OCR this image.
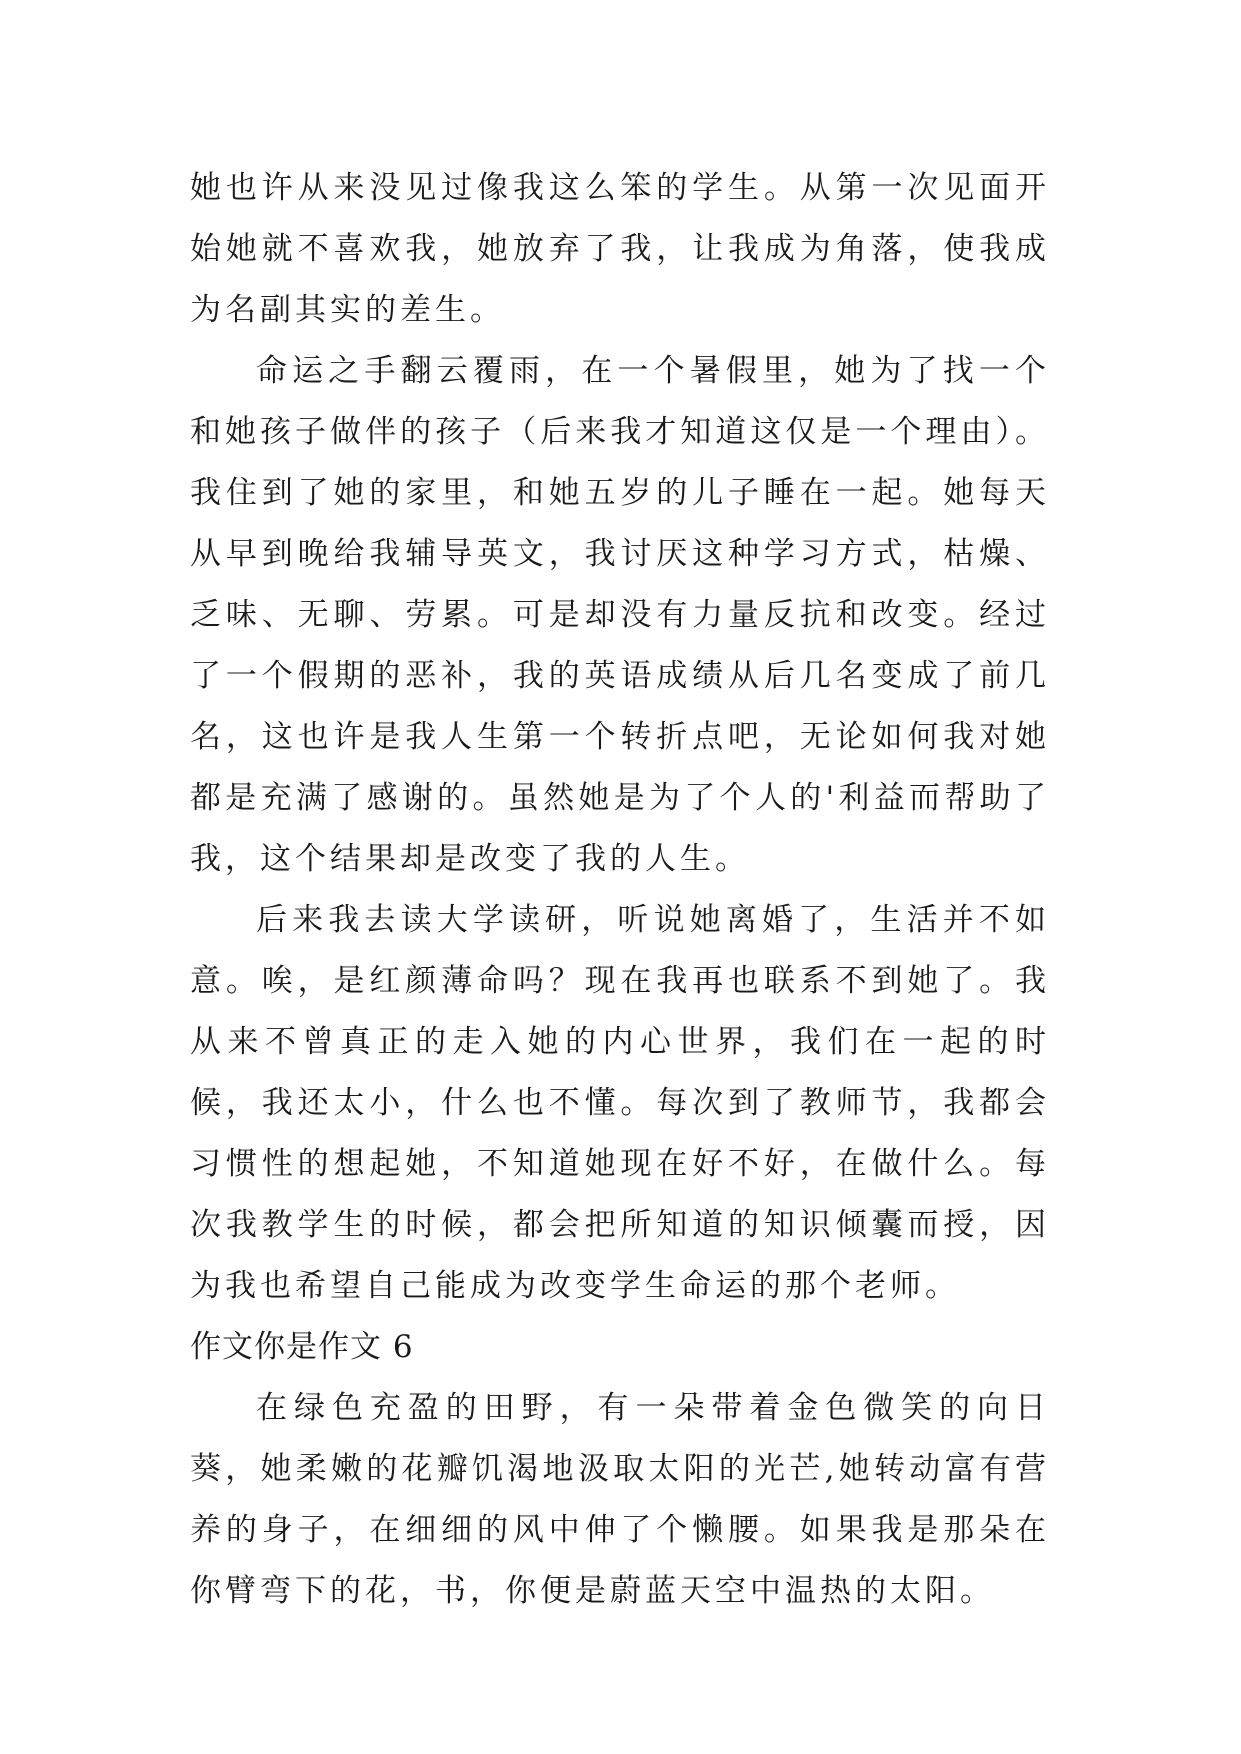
她也许从来没见过像我这么笨的学生。从第一次见面开始她就不喜欢我，她放弃了我，让我成为角落，使我成为名副其实的差生。

命运之手翻云覆雨，在一个暑假里，她为了找一个和她孩子做伴的孩子（后来我才知道这仅是一个理由）。我住到了她的家里，和她五岁的儿子睡在一起。她每天从早到晚给我辅导英文，我讨厌这种学习方式，枯燥、乏味、无聊、劳累。可是却没有力量反抗和改变。经过了一个假期的恶补，我的英语成绩从后几名变成了前几名，这也许是我人生第一个转折点吧，无论如何我对她都是充满了感谢的。虽然她是为了个人的'利益而帮助了我，这个结果却是改变了我的人生。

后来我去读大学读研，听说她离婚了，生活并不如意。唉，是红颜薄命吗？现在我再也联系不到她了。我从来不曾真正的走入她的内心世界，我们在一起的时候，我还太小，什么也不懂。每次到了教师节，我都会习惯性的想起她，不知道她现在好不好，在做什么。每次我教学生的时候，都会把所知道的知识倾囊而授，因为我也希望自己能成为改变学生命运的那个老师。

作文你是作文 6

在绿色充盈的田野，有一朵带着金色微笑的向日葵，她柔嫩的花瓣饥渴地汲取太阳的光芒,她转动富有营养的身子，在细细的风中伸了个懒腰。如果我是那朵在你臂弯下的花，书，你便是蔚蓝天空中温热的太阳。
